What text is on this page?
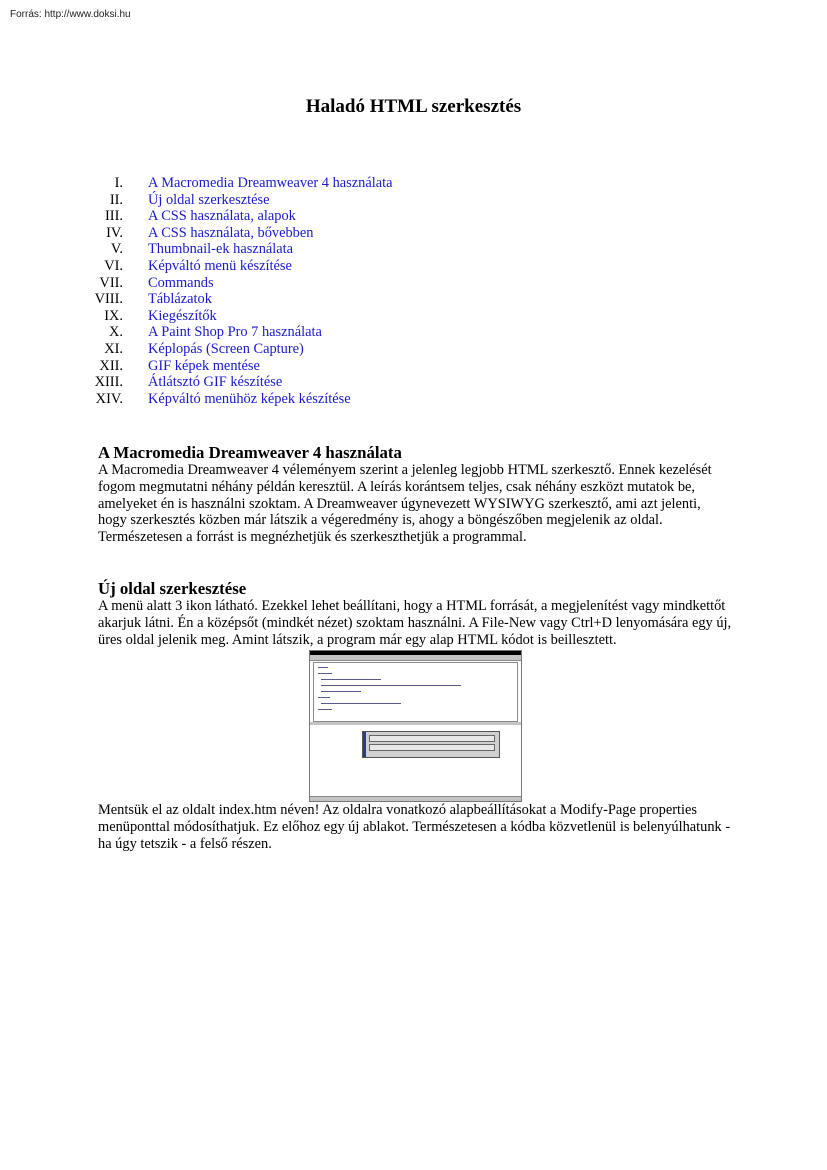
Forrás: http://www.doksi.hu
Haladó HTML szerkesztés
I. A Macromedia Dreamweaver 4 használata
II. Új oldal szerkesztése
III. A CSS használata, alapok
IV. A CSS használata, bővebben
V. Thumbnail-ek használata
VI. Képváltó menü készítése
VII. Commands
VIII. Táblázatok
IX. Kiegészítők
X. A Paint Shop Pro 7 használata
XI. Képlopás (Screen Capture)
XII. GIF képek mentése
XIII. Átlátsztó GIF készítése
XIV. Képváltó menühöz képek készítése
A Macromedia Dreamweaver 4 használata

A Macromedia Dreamweaver 4 véleményem szerint a jelenleg legjobb HTML szerkesztő. Ennek kezelését fogom megmutatni néhány példán keresztül. A leírás korántsem teljes, csak néhány eszközt mutatok be, amelyeket én is használni szoktam. A Dreamweaver úgynevezett WYSIWYG szerkesztő, ami azt jelenti, hogy szerkesztés közben már látszik a végeredmény is, ahogy a böngészőben megjelenik az oldal. Természetesen a forrást is megnézhetjük és szerkeszthetjük a programmal.

Új oldal szerkesztése

A menü alatt 3 ikon látható. Ezekkel lehet beállítani, hogy a HTML forrását, a megjelenítést vagy mindkettőt akarjuk látni. Én a középsőt (mindkét nézet) szoktam használni. A File-New vagy Ctrl+D lenyomására egy új, üres oldal jelenik meg. Amint látszik, a program már egy alap HTML kódot is beillesztett.

Mentsük el az oldalt index.htm néven! Az oldalra vonatkozó alapbeállításokat a Modify-Page properties menüponttal módosíthatjuk. Ez előhoz egy új ablakot. Természetesen a kódba közvetlenül is belenyúlhatunk - ha úgy tetszik - a felső részen.
